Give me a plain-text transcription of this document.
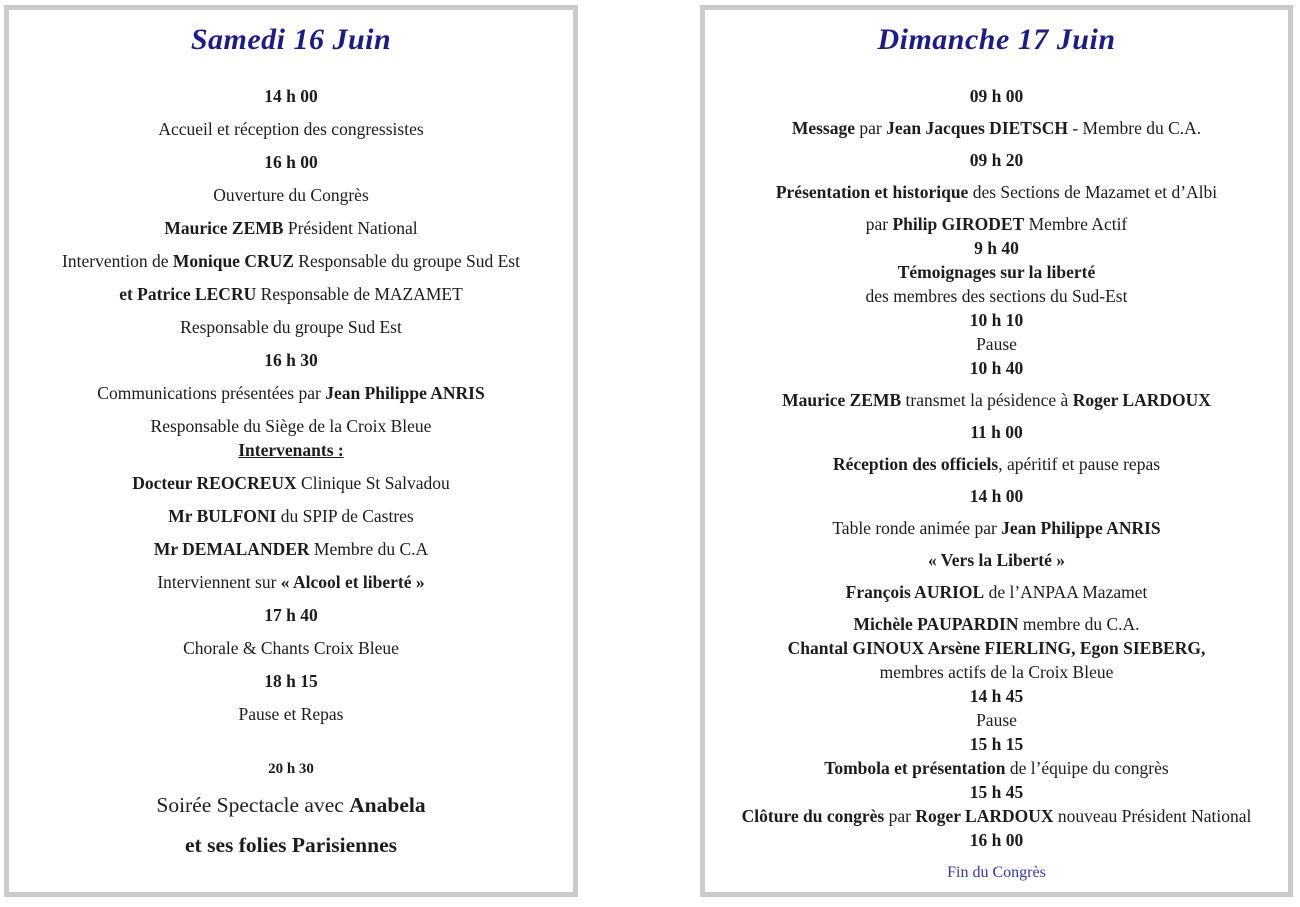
Samedi 16 Juin
14 h 00
Accueil et réception des congressistes
16 h 00
Ouverture du Congrès
Maurice ZEMB Président National
Intervention de Monique CRUZ Responsable du groupe Sud Est
et Patrice LECRU Responsable de MAZAMET
Responsable du groupe Sud Est
16 h 30
Communications présentées par Jean Philippe ANRIS
Responsable du Siège de la Croix Bleue
Intervenants :
Docteur REOCREUX Clinique St Salvadou
Mr BULFONI du SPIP de Castres
Mr DEMALANDER Membre du C.A
Interviennent sur « Alcool et liberté »
17 h 40
Chorale & Chants Croix Bleue
18 h 15
Pause et Repas
20 h 30
Soirée Spectacle avec Anabela
et ses folies Parisiennes
Dimanche 17 Juin
09 h 00
Message par Jean Jacques DIETSCH - Membre du C.A.
09 h 20
Présentation et historique des Sections de Mazamet et d’Albi
par Philip GIRODET Membre Actif
9 h 40
Témoignages sur la liberté
des membres des sections du Sud-Est
10 h 10
Pause
10 h 40
Maurice ZEMB transmet la pésidence à Roger LARDOUX
11 h 00
Réception des officiels, apéritif et pause repas
14 h 00
Table ronde animée par Jean Philippe ANRIS
« Vers la Liberté »
François AURIOL de l’ANPAA Mazamet
Michèle PAUPARDIN membre du C.A.
Chantal GINOUX Arsène FIERLING, Egon SIEBERG,
membres actifs de la Croix Bleue
14 h 45
Pause
15 h 15
Tombola et présentation de l’équipe du congrès
15 h 45
Clôture du congrès par Roger LARDOUX nouveau Président National
16 h 00
Fin du Congrès
